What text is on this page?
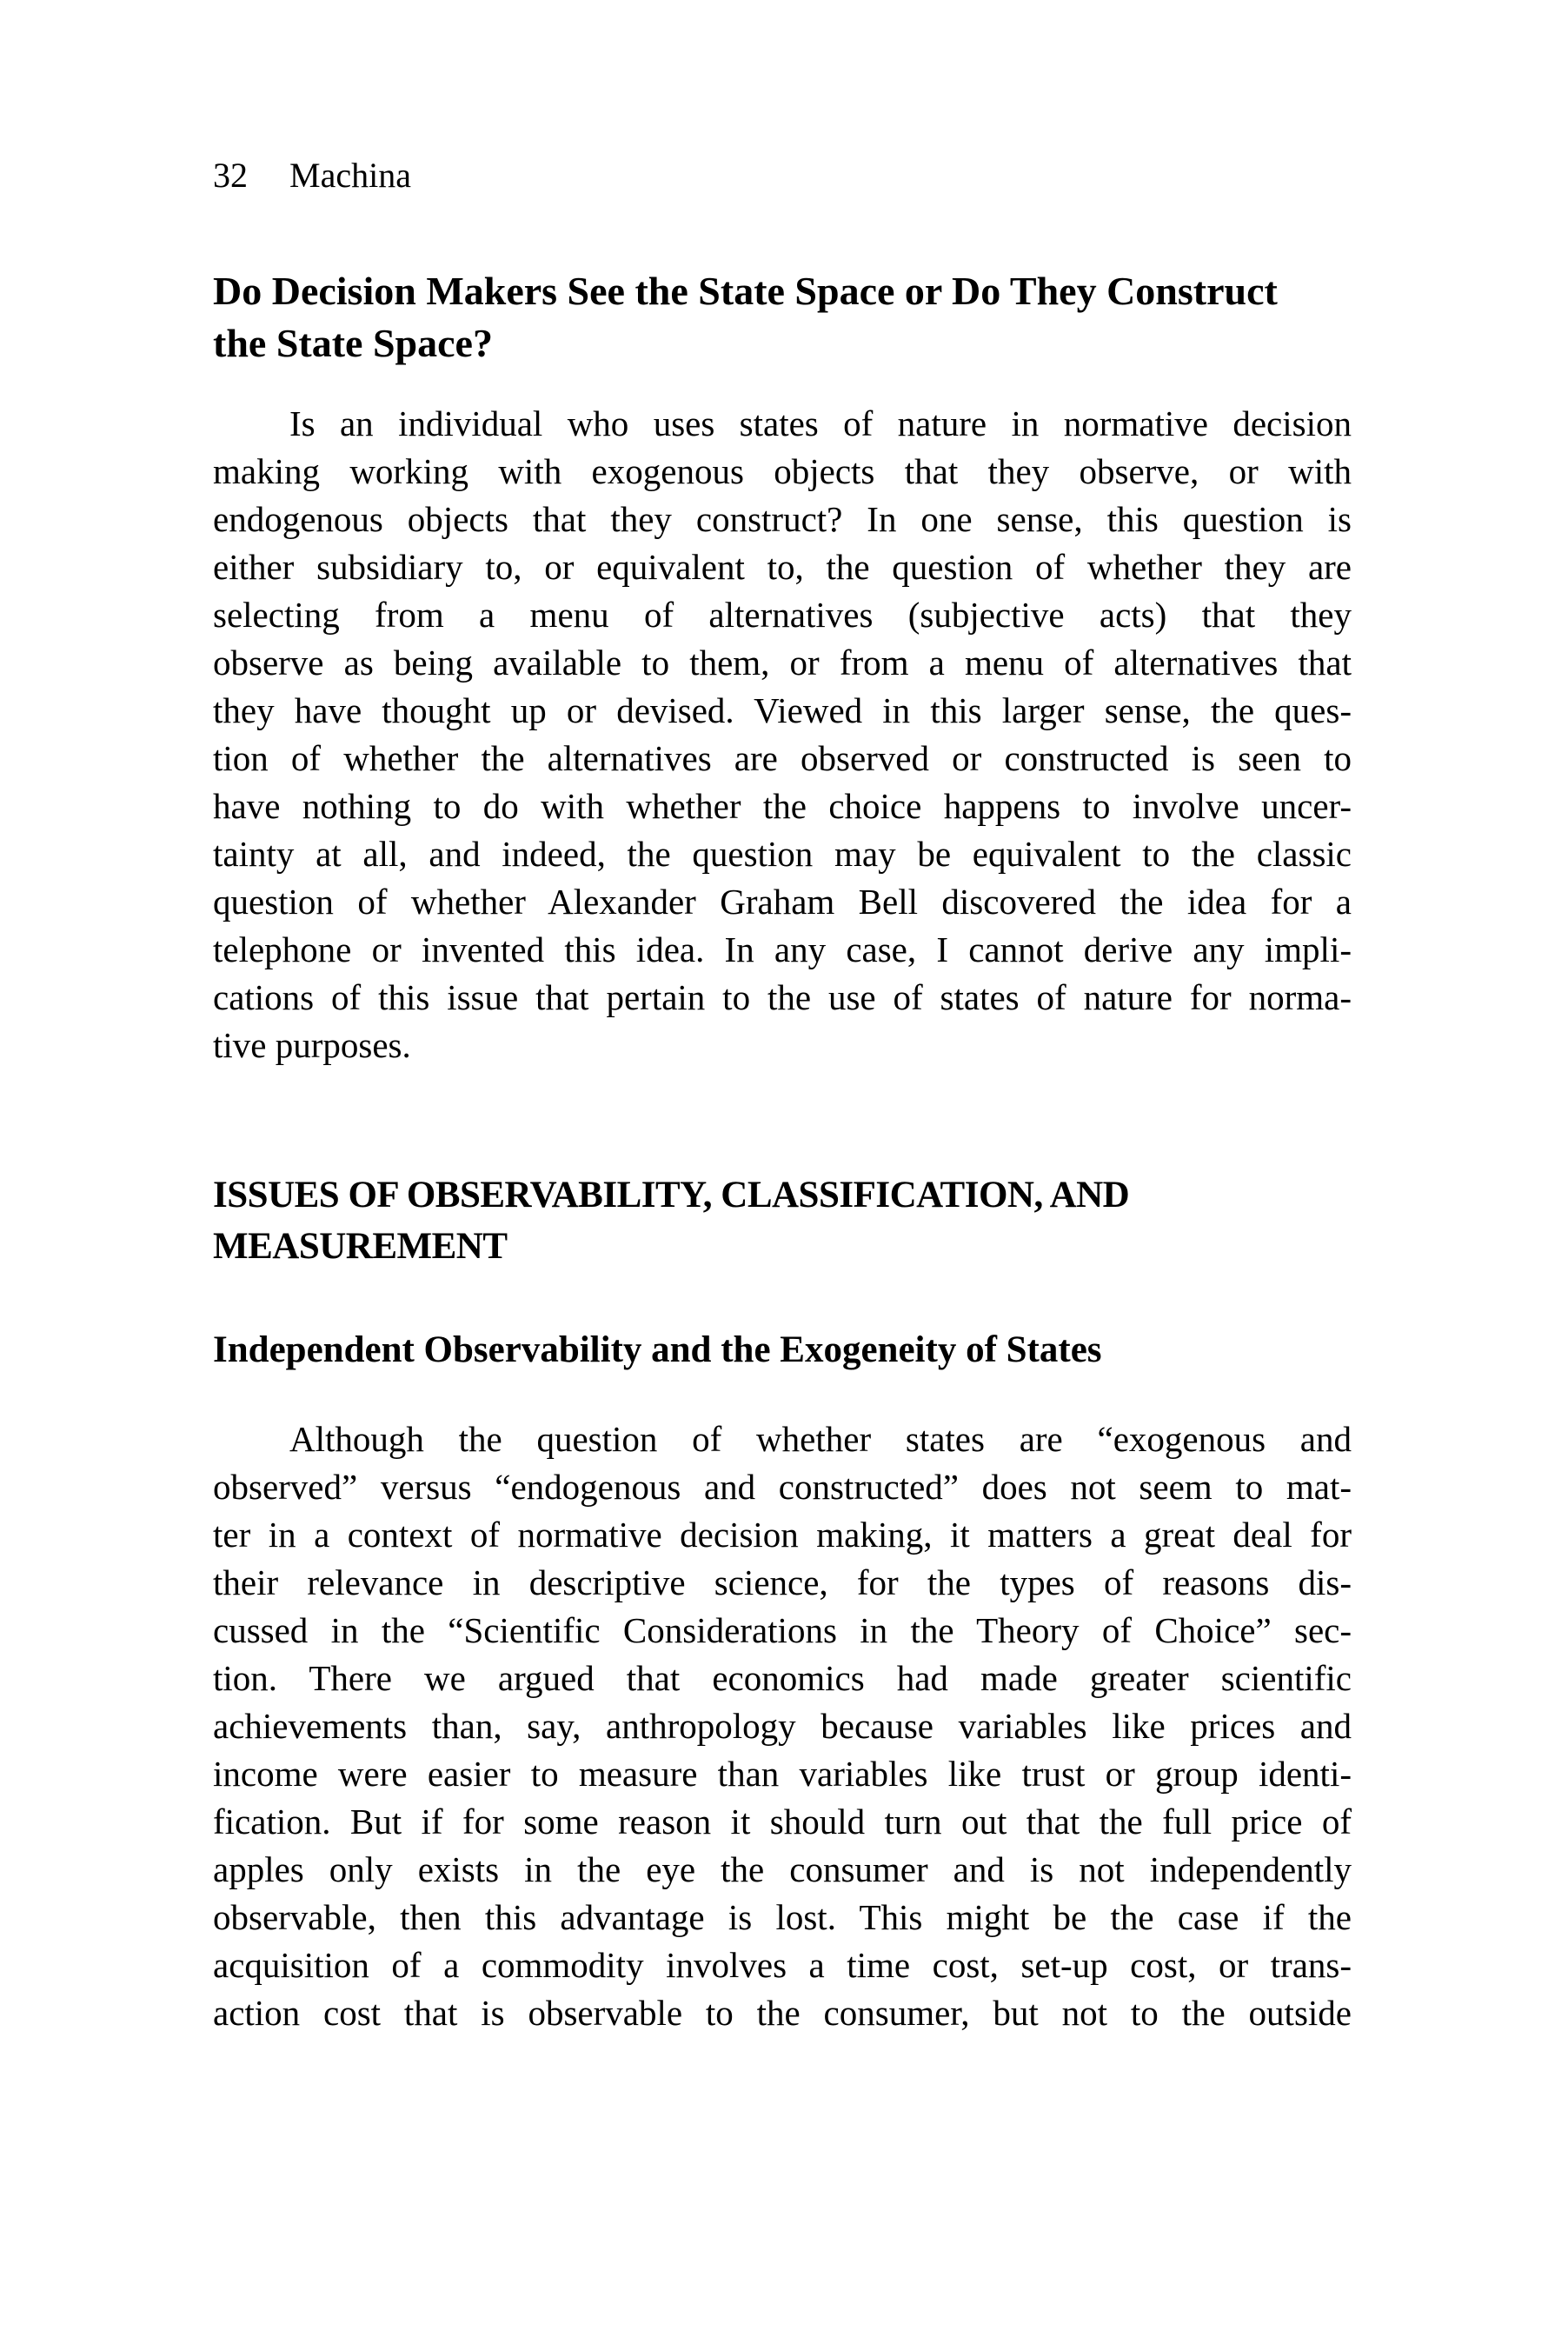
32 Machina
Do Decision Makers See the State Space or Do They Construct
the State Space?
Is an individual who uses states of nature in normative decision
making working with exogenous objects that they observe, or with
endogenous objects that they construct? In one sense, this question is
either subsidiary to, or equivalent to, the question of whether they are
selecting from a menu of alternatives (subjective acts) that they
observe as being available to them, or from a menu of alternatives that
they have thought up or devised. Viewed in this larger sense, the ques-
tion of whether the alternatives are observed or constructed is seen to
have nothing to do with whether the choice happens to involve uncer-
tainty at all, and indeed, the question may be equivalent to the classic
question of whether Alexander Graham Bell discovered the idea for a
telephone or invented this idea. In any case, I cannot derive any impli-
cations of this issue that pertain to the use of states of nature for norma-
tive purposes.
ISSUES OF OBSERVABILITY, CLASSIFICATION, AND
MEASUREMENT
Independent Observability and the Exogeneity of States
Although the question of whether states are “exogenous and
observed” versus “endogenous and constructed” does not seem to mat-
ter in a context of normative decision making, it matters a great deal for
their relevance in descriptive science, for the types of reasons dis-
cussed in the “Scientific Considerations in the Theory of Choice” sec-
tion. There we argued that economics had made greater scientific
achievements than, say, anthropology because variables like prices and
income were easier to measure than variables like trust or group identi-
fication. But if for some reason it should turn out that the full price of
apples only exists in the eye the consumer and is not independently
observable, then this advantage is lost. This might be the case if the
acquisition of a commodity involves a time cost, set-up cost, or trans-
action cost that is observable to the consumer, but not to the outside
